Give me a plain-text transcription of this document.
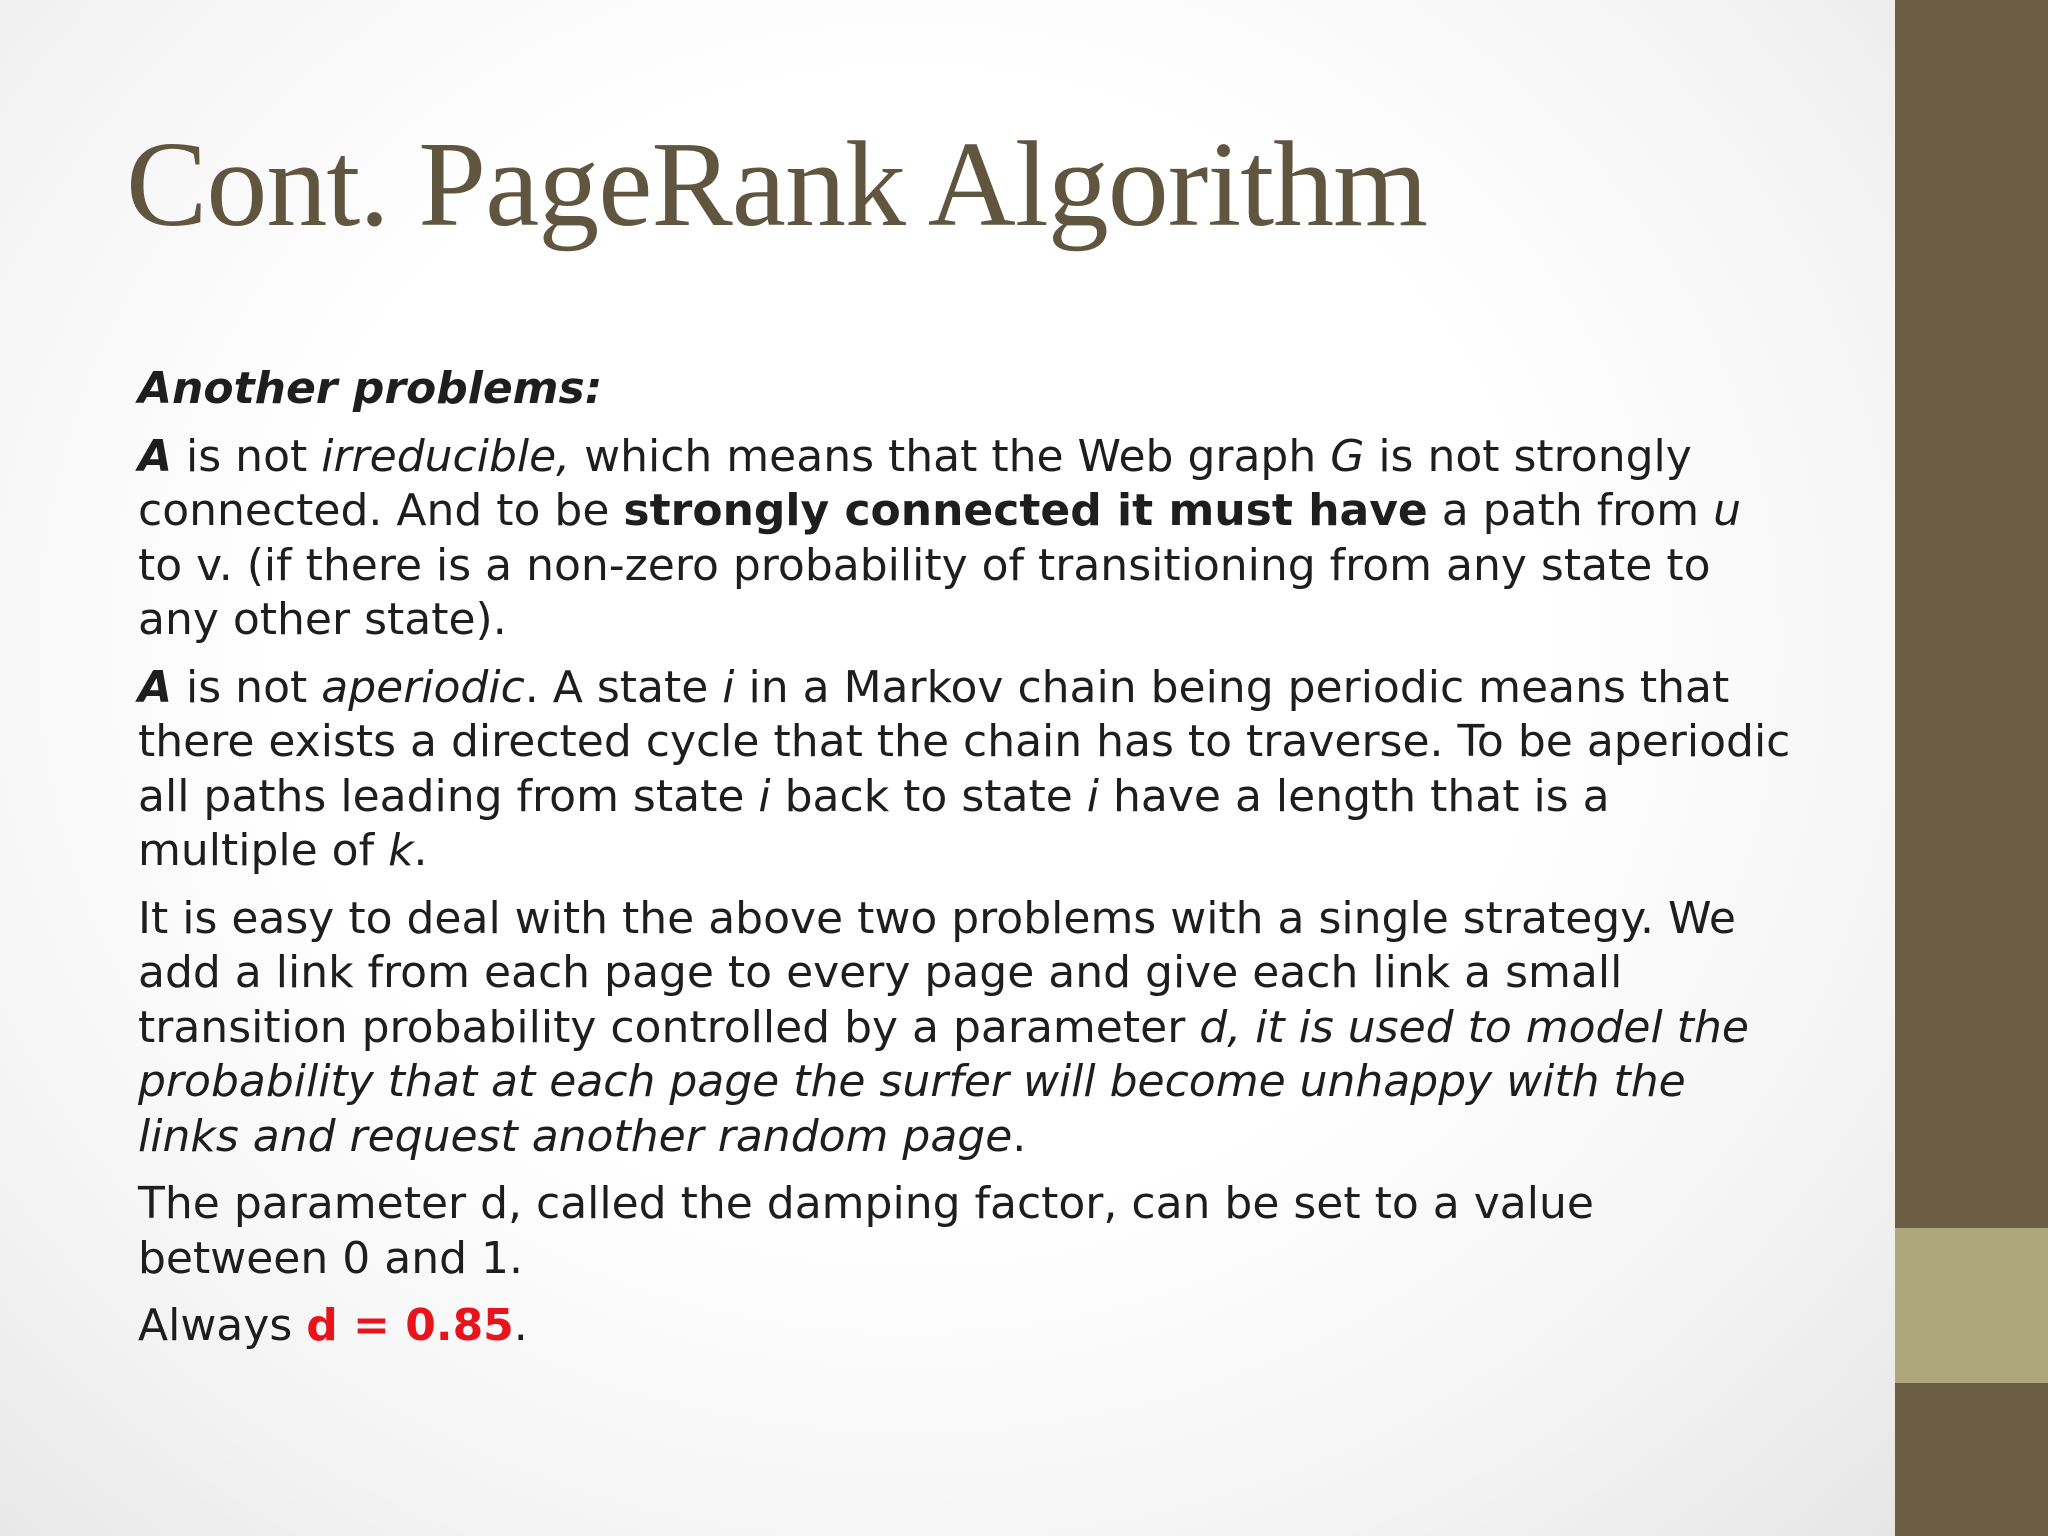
Cont. PageRank Algorithm

Another problems:

A is not irreducible, which means that the Web graph G is not strongly connected. And to be strongly connected it must have a path from u to v. (if there is a non-zero probability of transitioning from any state to any other state).

A is not aperiodic. A state i in a Markov chain being periodic means that there exists a directed cycle that the chain has to traverse. To be aperiodic all paths leading from state i back to state i have a length that is a multiple of k.

It is easy to deal with the above two problems with a single strategy. We add a link from each page to every page and give each link a small transition probability controlled by a parameter d, it is used to model the probability that at each page the surfer will become unhappy with the links and request another random page.

The parameter d, called the damping factor, can be set to a value between 0 and 1.

Always d = 0.85.
